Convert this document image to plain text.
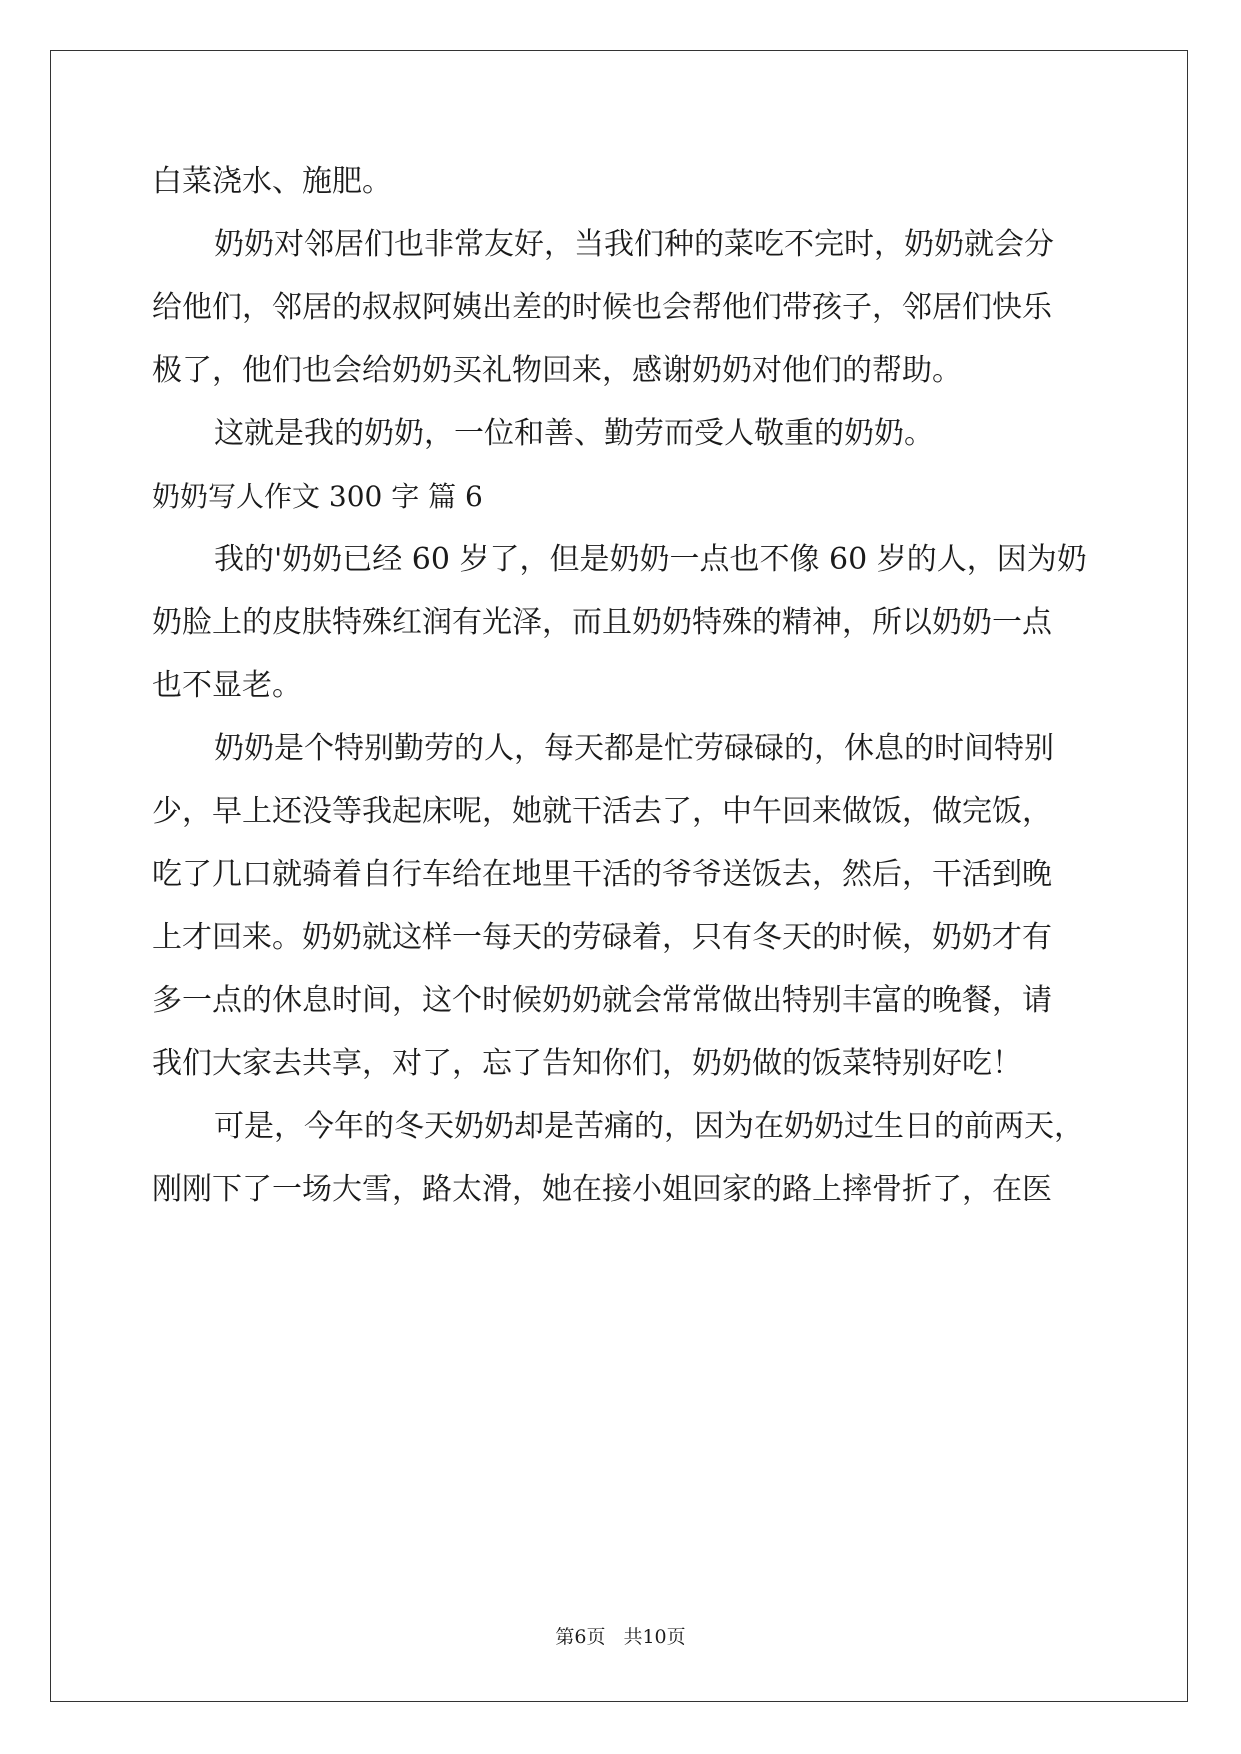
白菜浇水、施肥。
奶奶对邻居们也非常友好，当我们种的菜吃不完时，奶奶就会分
给他们，邻居的叔叔阿姨出差的时候也会帮他们带孩子，邻居们快乐
极了，他们也会给奶奶买礼物回来，感谢奶奶对他们的帮助。
这就是我的奶奶，一位和善、勤劳而受人敬重的奶奶。
奶奶写人作文 300 字 篇 6
我的'奶奶已经 60 岁了，但是奶奶一点也不像 60 岁的人，因为奶
奶脸上的皮肤特殊红润有光泽，而且奶奶特殊的精神，所以奶奶一点
也不显老。
奶奶是个特别勤劳的人，每天都是忙劳碌碌的，休息的时间特别
少，早上还没等我起床呢，她就干活去了，中午回来做饭，做完饭，
吃了几口就骑着自行车给在地里干活的爷爷送饭去，然后，干活到晚
上才回来。奶奶就这样一每天的劳碌着，只有冬天的时候，奶奶才有
多一点的休息时间，这个时候奶奶就会常常做出特别丰富的晚餐，请
我们大家去共享，对了，忘了告知你们，奶奶做的饭菜特别好吃！
可是，今年的冬天奶奶却是苦痛的，因为在奶奶过生日的前两天，
刚刚下了一场大雪，路太滑，她在接小姐回家的路上摔骨折了，在医
第6页 共10页
